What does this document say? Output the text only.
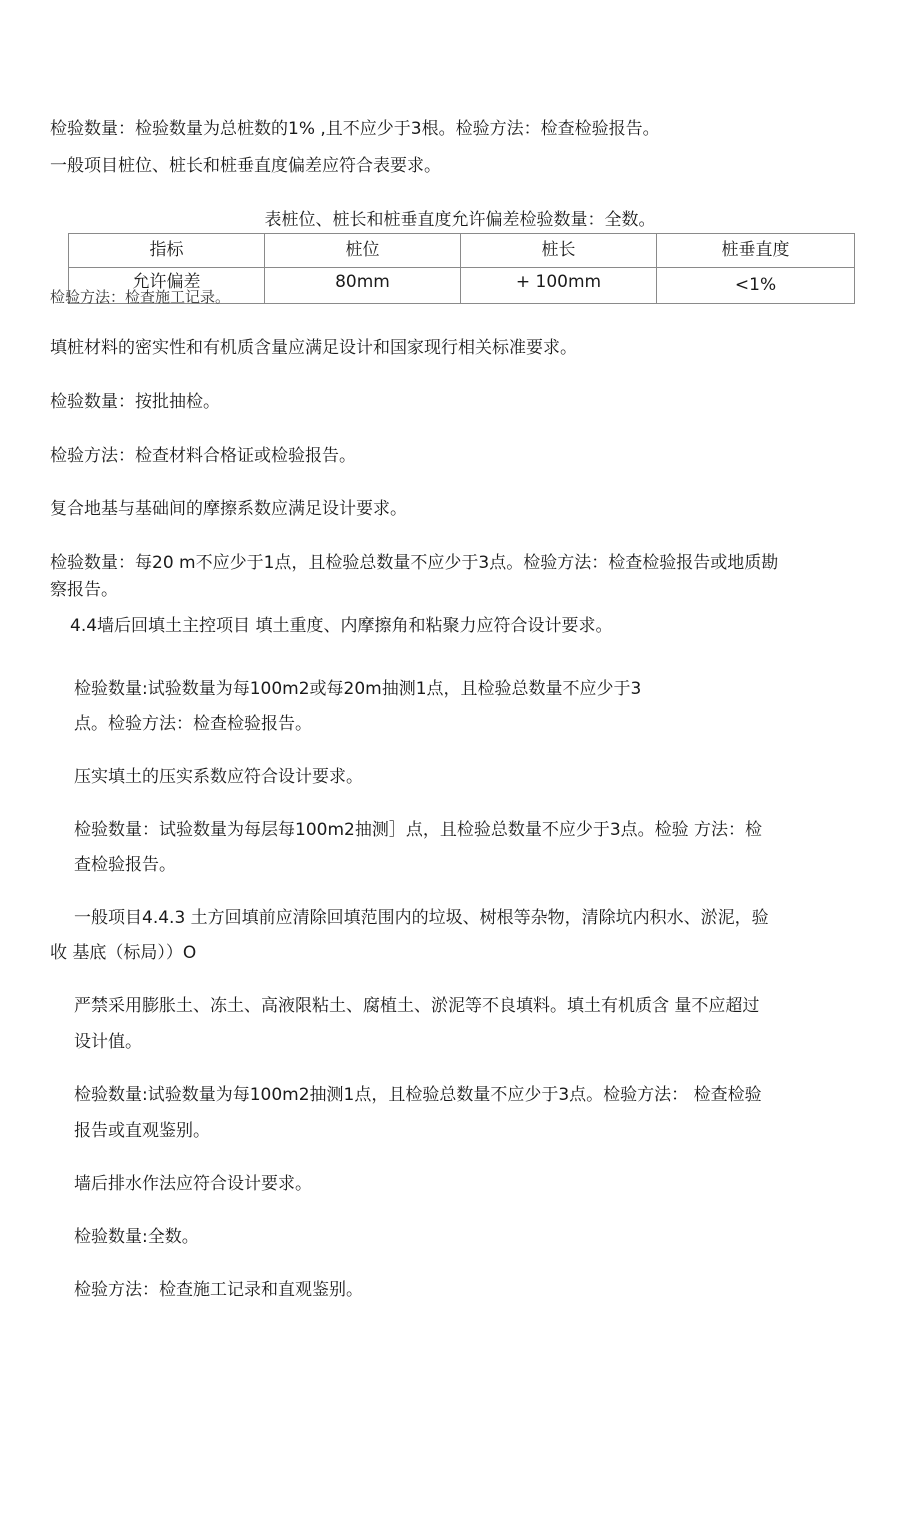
检验数量：检验数量为总桩数的1% ,且不应少于3根。检验方法：检查检验报告。

一般项目桩位、桩长和桩垂直度偏差应符合表要求。

表桩位、桩长和桩垂直度允许偏差检验数量：全数。

指标	桩位	桩长	桩垂直度
允许偏差	80mm	+ 100mm	<1%

检验方法：检查施工记录。

填桩材料的密实性和有机质含量应满足设计和国家现行相关标准要求。

检验数量：按批抽检。

检验方法：检查材料合格证或检验报告。

复合地基与基础间的摩擦系数应满足设计要求。

检验数量：每20 m不应少于1点，且检验总数量不应少于3点。检验方法：检查检验报告或地质勘

察报告。

4.4墙后回填土主控项目 填土重度、内摩擦角和粘聚力应符合设计要求。

检验数量:试验数量为每100m2或每20m抽测1点，且检验总数量不应少于3

点。检验方法：检查检验报告。

压实填土的压实系数应符合设计要求。

检验数量：试验数量为每层每100m2抽测］点，且检验总数量不应少于3点。检验 方法：检

查检验报告。

一般项目4.4.3 土方回填前应清除回填范围内的垃圾、树根等杂物，清除坑内积水、淤泥，验

收 基底（标局））O

严禁采用膨胀土、冻土、高液限粘土、腐植土、淤泥等不良填料。填土有机质含 量不应超过

设计值。

检验数量:试验数量为每100m2抽测1点，且检验总数量不应少于3点。检验方法： 检查检验

报告或直观鉴别。

墙后排水作法应符合设计要求。

检验数量:全数。

检验方法：检查施工记录和直观鉴别。
